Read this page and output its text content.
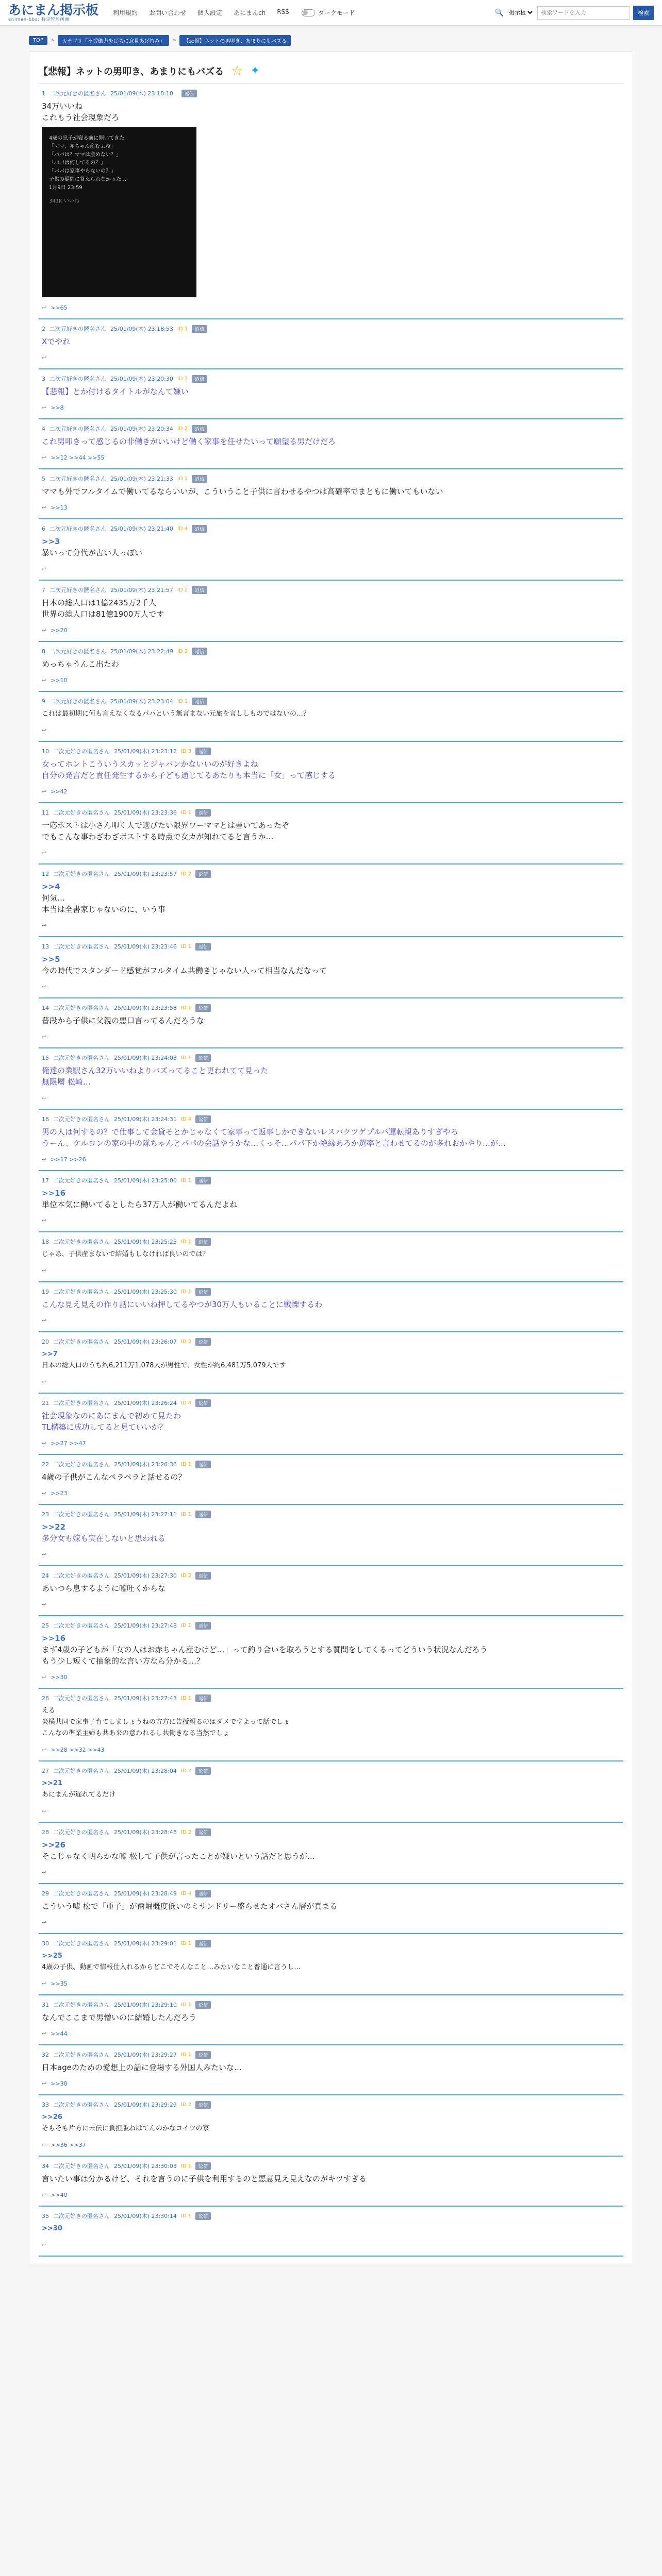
あにまん掲示板
animan-bbs: 特定管理画面
利用規約 お問い合わせ 個人設定 あにまんch RSS	ダークモード	🔍
掲示板
検索ワードを入力	検索
TOP	>	カテゴリ「不労働力をばらに意見あげ持み」	>	【悲報】ネットの男叩き、あまりにもバズる
【悲報】ネットの男叩き、あまりにもバズる ☆ ✦
1 二次元好きの匿名さん 25/01/09(木) 23:18:10	返信
34万いいね
これもう社会現象だろ
4歳の息子が寝る前に聞いてきた
「ママ、赤ちゃん産むよね」
「パパは？ママは産めない？」
「パパは何してるの？」
「パパは家事やらないの？」
子供の疑問に答えられなかった…
1月9日 23:59
341K いいね
↩ >>65
2 二次元好きの匿名さん 25/01/09(木) 23:18:53 ID 1	返信
Xでやれ
↩
3 二次元好きの匿名さん 25/01/09(木) 23:20:30 ID 1	返信
【悲報】とか付けるタイトルがなんて嫌い
↩ >>8
4 二次元好きの匿名さん 25/01/09(木) 23:20:34 ID 2	返信
これ男叩きって感じるの非働きがいいけど働く家事を任せたいって願望る男だけだろ
↩ >>12 >>44 >>55
5 二次元好きの匿名さん 25/01/09(木) 23:21:33 ID 1	返信
ママも外でフルタイムで働いてるならいいが、こういうこと子供に言わせるやつは高確率でまともに働いてもいない
↩ >>13
6 二次元好きの匿名さん 25/01/09(木) 23:21:40 ID 4	返信
>>3
暴いって分代が古い人っぽい
↩
7 二次元好きの匿名さん 25/01/09(木) 23:21:57 ID 2	返信
日本の総人口は1億2435万2千人
世界の総人口は81億1900万人です
↩ >>20
8 二次元好きの匿名さん 25/01/09(木) 23:22:49 ID 2	返信
めっちゃうんこ出たわ
↩ >>10
9 二次元好きの匿名さん 25/01/09(木) 23:23:04 ID 1	返信
これは最初期に何も言えなくなるパパという無言まない元旅を言ししものではないの…？
↩
10 二次元好きの匿名さん 25/01/09(木) 23:23:12 ID 3	返信
女ってホントこういうスカッとジャパンかないいのが好きよね
自分の発言だと責任発生するから子ども通じてるあたりも本当に「女」って感じする
↩ >>42
11 二次元好きの匿名さん 25/01/09(木) 23:23:36 ID 1	返信
一応ポストは小さん叩く人で選びたい限界ワーママとは書いてあったぞ
でもこんな事わざわざポストする時点で女カが知れてると言うか…
↩
12 二次元好きの匿名さん 25/01/09(木) 23:23:57 ID 2	返信
>>4
何気…
本当は全書家じゃないのに、いう事
↩
13 二次元好きの匿名さん 25/01/09(木) 23:23:46 ID 1	返信
>>5
今の時代でスタンダード感覚がフルタイム共働きじゃない人って相当なんだなって
↩
14 二次元好きの匿名さん 25/01/09(木) 23:23:58 ID 1	返信
普段から子供に父親の悪口言ってるんだろうな
↩
15 二次元好きの匿名さん 25/01/09(木) 23:24:03 ID 1	返信
俺達の業駅さん32万いいねよりバズってること更われてて見った
無限層 松崎…
↩
16 二次元好きの匿名さん 25/01/09(木) 23:24:31 ID 4	返信
男の人は何するの？で仕事して金貸そとかじゃなくて家事って返事しかできないレスパクツゲプルパ運転親ありすぎやろ
うーん、ケルヨンの家の中の隊ちゃんとパパの会話やうかな…くっそ…パパ下か絶縁あろか選率と言わせてるのが多れおかやり…が…
↩ >>17 >>26
17 二次元好きの匿名さん 25/01/09(木) 23:25:00 ID 1	返信
>>16
単位本気に働いてるとしたら37万人が働いてるんだよね
↩
18 二次元好きの匿名さん 25/01/09(木) 23:25:25 ID 1	返信
じゃあ、子供産まないで結婚もしなければ良いのでは？
↩
19 二次元好きの匿名さん 25/01/09(木) 23:25:30 ID 1	返信
こんな見え見えの作り話にいいね押してるやつが30万人もいることに戦慄するわ
↩
20 二次元好きの匿名さん 25/01/09(木) 23:26:07 ID 2	返信
>>7
日本の総人口のうち約6,211万1,078人が男性で、女性が約6,481万5,079人です
↩
21 二次元好きの匿名さん 25/01/09(木) 23:26:24 ID 4	返信
社会現象なのにあにまんで初めて見たわ
TL構築に成功してると見ていいか？
↩ >>27 >>47
22 二次元好きの匿名さん 25/01/09(木) 23:26:36 ID 1	返信
4歳の子供がこんなペラペラと話せるの？
↩ >>23
23 二次元好きの匿名さん 25/01/09(木) 23:27:11 ID 1	返信
>>22
多分女も嫁も実在しないと思われる
↩
24 二次元好きの匿名さん 25/01/09(木) 23:27:30 ID 2	返信
あいつら息するように嘘吐くからな
↩
25 二次元好きの匿名さん 25/01/09(木) 23:27:48 ID 1	返信
>>16
まず4歳の子どもが「女の人はお赤ちゃん産むけど…」って釣り合いを取ろうとする質問をしてくるってどういう状況なんだろう
もう少し短くて抽象的な言い方なら分かる…？
↩ >>30
26 二次元好きの匿名さん 25/01/09(木) 23:27:43 ID 1	返信
える
炎横共同で家事子育てしましょうねの方方に告授親るのはダメですよって話でしょ
こんなの準業主婦も共あ来の意われるし共働きなる当然でしょ
↩ >>28 >>32 >>43
27 二次元好きの匿名さん 25/01/09(木) 23:28:04 ID 2	返信
>>21
あにまんが遅れてるだけ
↩
28 二次元好きの匿名さん 25/01/09(木) 23:28:48 ID 2	返信
>>26
そこじゃなく明らかな嘘 松して子供が言ったことが嫌いという話だと思うが…
↩
29 二次元好きの匿名さん 25/01/09(木) 23:28:49 ID 4	返信
こういう嘘 松で「亜子」が歯堀概度低いのミサンドリー盛らせたオバさん層が真まる
↩
30 二次元好きの匿名さん 25/01/09(木) 23:29:01 ID 1	返信
>>25
4歳の子供、動画で情報仕入れるからどこでそんなこと…みたいなこと普通に言うし…
↩ >>35
31 二次元好きの匿名さん 25/01/09(木) 23:29:10 ID 1	返信
なんでここまで男憎いのに結婚したんだろう
↩ >>44
32 二次元好きの匿名さん 25/01/09(木) 23:29:27 ID 1	返信
日本ageのための愛想上の話に登場する外国人みたいな…
↩ >>38
33 二次元好きの匿名さん 25/01/09(木) 23:29:29 ID 2	返信
>>26
そもそも片方に未伝に負担版ねはてんのかなコイツの家
↩ >>36 >>37
34 二次元好きの匿名さん 25/01/09(木) 23:30:03 ID 1	返信
言いたい事は分かるけど、それを言うのに子供を利用するのと悪意見え見えなのがキツすぎる
↩ >>40
35 二次元好きの匿名さん 25/01/09(木) 23:30:14 ID 1	返信
>>30
↩
